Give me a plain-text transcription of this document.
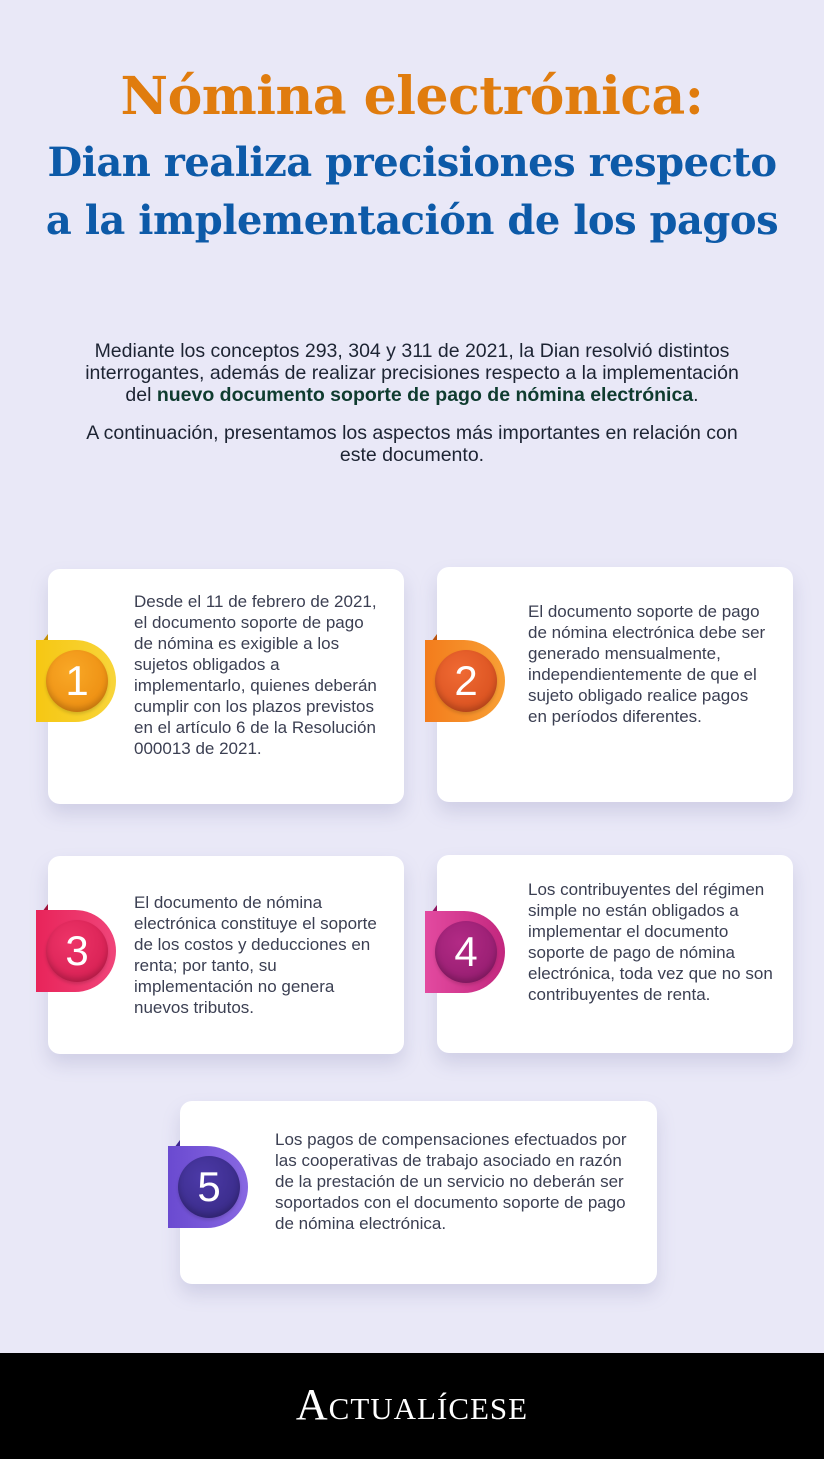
Nómina electrónica:
Dian realiza precisiones respecto a la implementación de los pagos

Mediante los conceptos 293, 304 y 311 de 2021, la Dian resolvió distintos interrogantes, además de realizar precisiones respecto a la implementación del nuevo documento soporte de pago de nómina electrónica.

A continuación, presentamos los aspectos más importantes en relación con este documento.

Desde el 11 de febrero de 2021, el documento soporte de pago de nómina es exigible a los sujetos obligados a implementarlo, quienes deberán cumplir con los plazos previstos en el artículo 6 de la Resolución 000013 de 2021.
1
El documento soporte de pago de nómina electrónica debe ser generado mensualmente, independientemente de que el sujeto obligado realice pagos en períodos diferentes.
2
El documento de nómina electrónica constituye el soporte de los costos y deducciones en renta; por tanto, su implementación no genera nuevos tributos.
3
Los contribuyentes del régimen simple no están obligados a implementar el documento soporte de pago de nómina electrónica, toda vez que no son contribuyentes de renta.
4
Los pagos de compensaciones efectuados por las cooperativas de trabajo asociado en razón de la prestación de un servicio no deberán ser soportados con el documento soporte de pago de nómina electrónica.
5
Actualícese
